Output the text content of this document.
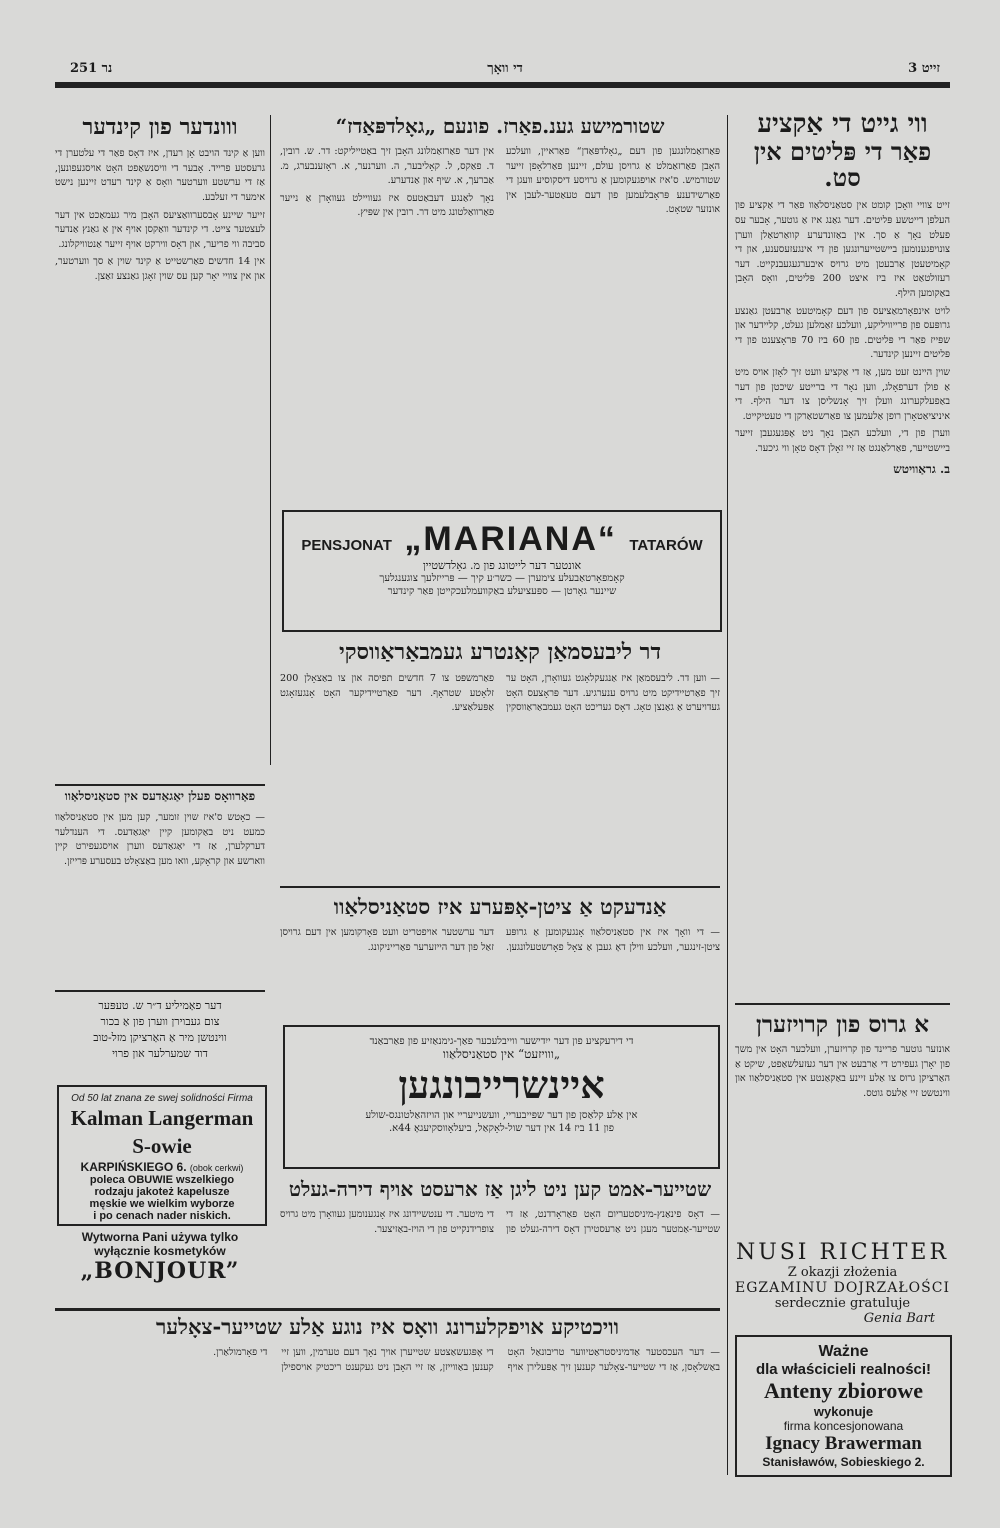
נר 251	די וואָך	זייט 3
ווי גייט די אַקציע
פאַר די פּליטים אין סט.

זייט צוויי וואָכן קומט אין סטאַניסלאַוו פאַר די אַקציע פון העלפן דייטשע פּליטים. דער גאַנג איז אַ גוטער, אָבער עס פעלט נאָך אַ סך. אין באַזונדערע קוואַרטאַלן ווערן צונויפגענומען ביישטייערונגען פון די אינגעזעסענע, און די קאָמיטעטן אַרבעטן מיט גרויס איבערגעגעבנקייט. דער רעזולטאַט איז ביז איצט 200 פּליטים, וואָס האָבן באַקומען הילף.

לויט אינפאָרמאַציעס פון דעם קאָמיטעט אַרבעטן גאַנצע גרופּעס פון פרייוויליקע, וועלכע זאַמלען געלט, קליידער און שפּייז פאַר די פּליטים. פון 60 ביז 70 פּראָצענט פון די פּליטים זיינען קינדער.

שוין היינט זעט מען, אַז די אַקציע וועט זיך לאָזן אויס מיט אַ פולן דערפאָלג, ווען נאָר די ברייטע שיכטן פון דער באַפעלקערונג וועלן זיך אָנשליסן צו דער הילף. די איניציאַטאָרן רופן אַלעמען צו פאַרשטאַרקן די טעטיקייט.

ווערן פון די, וועלכע האָבן נאָך ניט אָפּגעגעבן זייער ביישטייער, פאַרלאַנגט אַז זיי זאָלן דאָס טאָן ווי גיכער.

ב. גראַוויטש
א גרוס פון קרויזערן
אונזער גוטער פריינד פון קרויזערן, וועלכער האָט אין משך פון יאָרן געפירט די אַרבעט אין דער געזעלשאַפט, שיקט אַ האַרציקן גרוס צו אַלע זיינע באַקאַנטע אין סטאַניסלאַוו און ווינטשט זיי אַלעס גוטס.
NUSI RICHTER
Z okazji złożenia
EGZAMINU DOJRZAŁOŚCI
serdecznie gratuluje
Genia Bart
Ważne
dla właścicieli realności!
Anteny zbiorowe
wykonuje
firma koncesjonowana
Ignacy Brawerman
Stanisławów, Sobieskiego 2.
שטורמישע גענ.פאַרז. פונעם „גאָלדפּאַדז“

פּאַרזאַמלונגען פון דעם „גאָלדפּאַדן“ פאַראיין, וועלכע האָבן פאַרזאַמלט אַ גרויסן עולם, זיינען פאַרלאָפן זייער שטורמיש. ס'איז אויפגעקומען אַ גרויסע דיסקוסיע וועגן די פאַרשידענע פּראָבלעמען פון דעם טעאַטער-לעבן אין אונזער שטאָט.

אין דער פאַרזאַמלונג האָבן זיך באַטייליקט: דר. ש. רובין, ד. פאַקס, ל. קאָליבער, ה. ווערנער, א. ראָזענבערג, מ. אַברעך, א. שיף און אַנדערע.

נאָך לאַנגע דעבאַטעס איז געוויילט געוואָרן אַ נייער פאַרוואַלטונג מיט דר. רובין אין שפּיץ.

PENSJONAT „MARIANA“ TATARÓW
אונטער דער לייטונג פון מ. גאָלדשטיין
קאָמפאָרטאַבעלע צימערן — כשר׳ע קיך — פּרייזלעך צוגענגלעך
שיינער גאָרטן — ספּעציעלע באַקוועמלעכקייטן פאַר קינדער
דר ליבעסמאַן קאַנטרע געמבאַראַווסקי
— ווען דר. ליבעסמאַן איז אַנגעקלאָגט געוואָרן, האָט ער זיך פאַרטיידיקט מיט גרויס ענערגיע. דער פּראָצעס האָט געדויערט אַ גאַנצן טאָג. דאָס געריכט האָט געמבאַראַווסקין פאַרמשפּט צו 7 חדשים תפיסה און צו באַצאָלן 200 זלאָטע שטראָף. דער פאַרטיידיקער האָט אָנגעזאָגט אַפּעלאַציע.
אַנדעקט אַ ציטן-אָפּערע איז סטאַניסלאַוו
— די וואָך איז אין סטאַניסלאַוו אָנגעקומען אַ גרופּע ציטן-זינגער, וועלכע ווילן דאָ געבן אַ צאָל פאָרשטעלונגען. דער ערשטער אויפטריט וועט פאָרקומען אין דעם גרויסן זאַל פון דער הייזערער פאַרייניקונג.
די דירעקציע פון דער ייִדישער ווייבלעכער פאַך-גימנאַזיע פון פאַרבאַנד
„ווויזעט“ אין סטאַניסלאַוו
איינשרייבונגען
אין אַלע קלאַסן פון דער שפּייבעריי, וועשנייעריי און הויזהאַלטונגס-שולע
פון 11 ביז 14 אין דער שול-לאָקאַל, ביעלאָווסקיעגאָ 44א.
שטייער-אמט קען ניט ליגן אַז ארעסט אויף דירה-געלט
— דאָס פינאַנץ-מיניסטעריום האָט פאַראָרדנט, אַז די שטייער-אַמטער מעגן ניט אַרעסטירן דאָס דירה-געלט פון די מיטער. די ענטשיידונג איז אָנגענומען געוואָרן מיט גרויס צופרידנקייט פון די הויז-באַזיצער.
ווונדער פון קינדער

ווען אַ קינד הויבט אָן רעדן, איז דאָס פאַר די עלטערן די גרעסטע פרייד. אָבער די וויסנשאַפט האָט אויסגעפונען, אַז די ערשטע ווערטער וואָס אַ קינד רעדט זיינען נישט אימער די זעלבע.

זייער שיינע אָבסערוואַציעס האָבן מיר געמאַכט אין דער לעצטער צייט. די קינדער וואַקסן אויף אין אַ גאַנץ אַנדער סביבה ווי פריער, און דאָס ווירקט אויף זייער אַנטוויקלונג.

אין 14 חדשים פאַרשטייט אַ קינד שוין אַ סך ווערטער, און אין צוויי יאָר קען עס שוין זאָגן גאַנצע זאַצן.

פאַרוואָס פעלן יאַגאַדעס אין סטאַניסלאַוו
— כאָטש ס'איז שוין זומער, קען מען אין סטאַניסלאַוו כמעט ניט באַקומען קיין יאַגאַדעס. די הענדלער דערקלערן, אַז די יאַגאַדעס ווערן אויסגעפירט קיין ווארשע און קראָקע, וואו מען באַצאָלט בעסערע פּרייזן.
דער פאַמיליע ד״ר ש. טעפּער
צום געבוירן ווערן פון אַ בכור
ווינטשן מיר אַ האַרציקן מזל-טוב
דוד שמערלער און פרוי
Od 50 lat znana ze swej solidności Firma
Kalman Langerman S-owie
KARPIŃSKIEGO 6. (obok cerkwi)
poleca OBUWIE wszelkiego
rodzaju jakoteż kapelusze
męskie we wielkim wyborze
i po cenach nader niskich.
Wytworna Pani używa tylko
wyłącznie kosmetyków
„BONJOUR”
וויכטיקע אויפקלערונג וואָס איז נוגע אַלע שטייער-צאָלער
— דער העכסטער אַדמיניסטראַטיווער טריבונאַל האָט באַשלאָסן, אַז די שטייער-צאָלער קענען זיך אַפּעלירן אויף די אָפּגעשאַצטע שטייערן אויך נאָך דעם טערמין, ווען זיי קענען באַווייזן, אַז זיי האָבן ניט געקענט ריכטיק אויספילן די פאָרמולאַרן.
